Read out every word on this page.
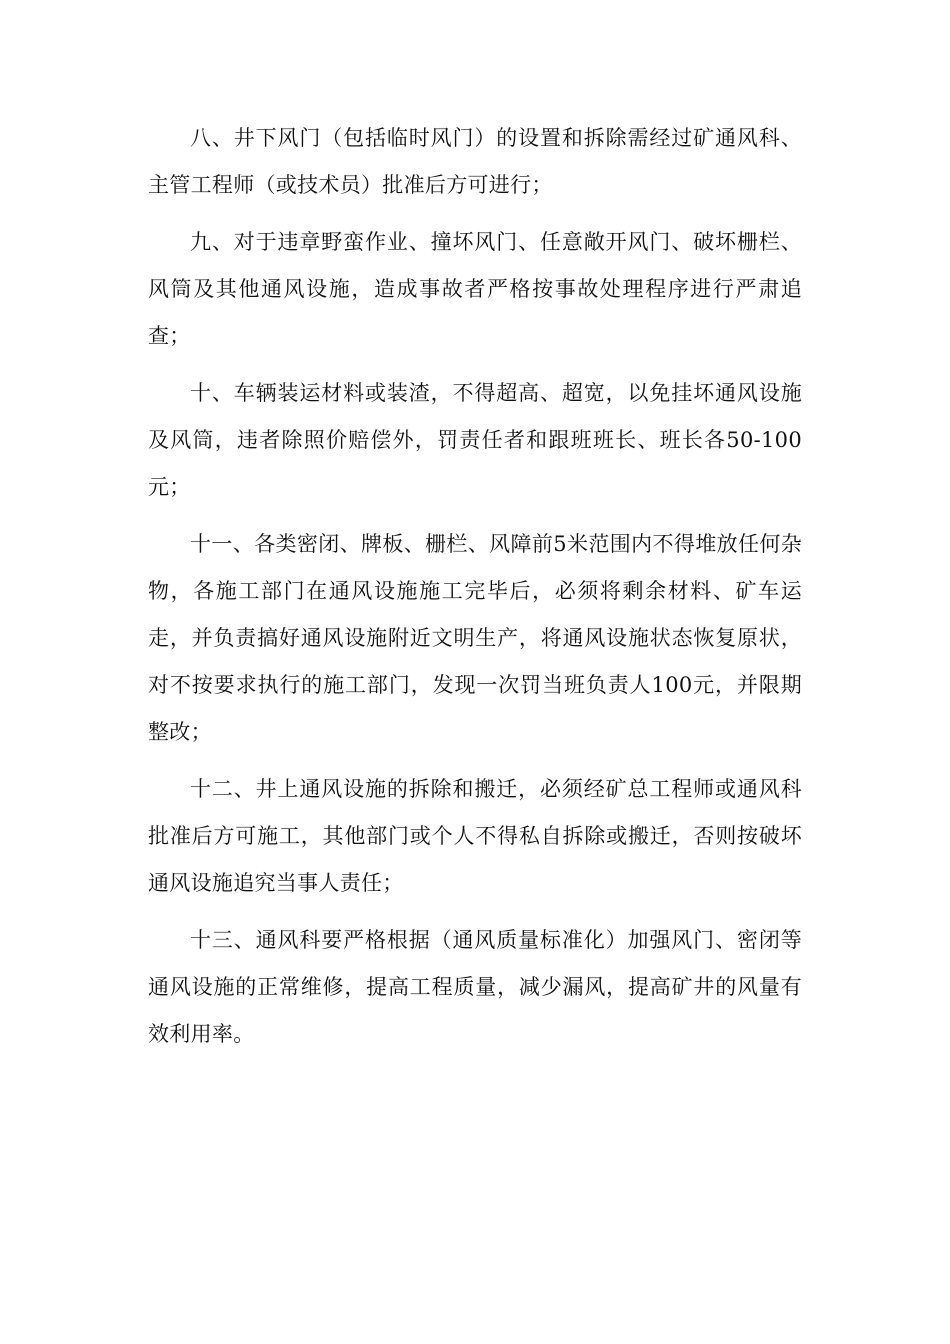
八、井下风门（包括临时风门）的设置和拆除需经过矿通风科、主管工程师（或技术员）批准后方可进行；

九、对于违章野蛮作业、撞坏风门、任意敞开风门、破坏栅栏、风筒及其他通风设施，造成事故者严格按事故处理程序进行严肃追查；

十、车辆装运材料或装渣，不得超高、超宽，以免挂坏通风设施及风筒，违者除照价赔偿外，罚责任者和跟班班长、班长各50-100元；

十一、各类密闭、牌板、栅栏、风障前5米范围内不得堆放任何杂物，各施工部门在通风设施施工完毕后，必须将剩余材料、矿车运走，并负责搞好通风设施附近文明生产，将通风设施状态恢复原状，对不按要求执行的施工部门，发现一次罚当班负责人100元，并限期整改；

十二、井上通风设施的拆除和搬迁，必须经矿总工程师或通风科批准后方可施工，其他部门或个人不得私自拆除或搬迁，否则按破坏通风设施追究当事人责任；

十三、通风科要严格根据（通风质量标准化）加强风门、密闭等通风设施的正常维修，提高工程质量，减少漏风，提高矿井的风量有效利用率。
